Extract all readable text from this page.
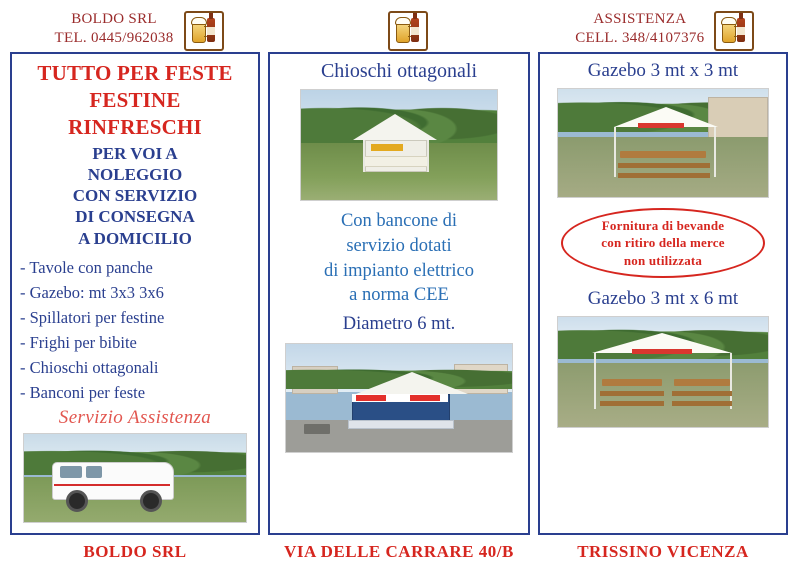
BOLDO SRL
TEL. 0445/962038
ASSISTENZA
CELL. 348/4107376
TUTTO PER FESTE
FESTINE
RINFRESCHI
PER VOI A
NOLEGGIO
CON SERVIZIO
DI CONSEGNA
A DOMICILIO
- Tavole con panche
- Gazebo: mt 3x3 3x6
- Spillatori per festine
- Frighi per bibite
- Chioschi ottagonali
- Banconi per feste
Servizio Assistenza
Chioschi ottagonali
Con bancone di
servizio dotati
di impianto elettrico
a norma CEE
Diametro 6 mt.
Gazebo 3 mt x 3 mt
Fornitura di bevande
con ritiro della merce
non utilizzata
Gazebo 3 mt x 6 mt
BOLDO SRL	VIA DELLE CARRARE 40/B	TRISSINO VICENZA
